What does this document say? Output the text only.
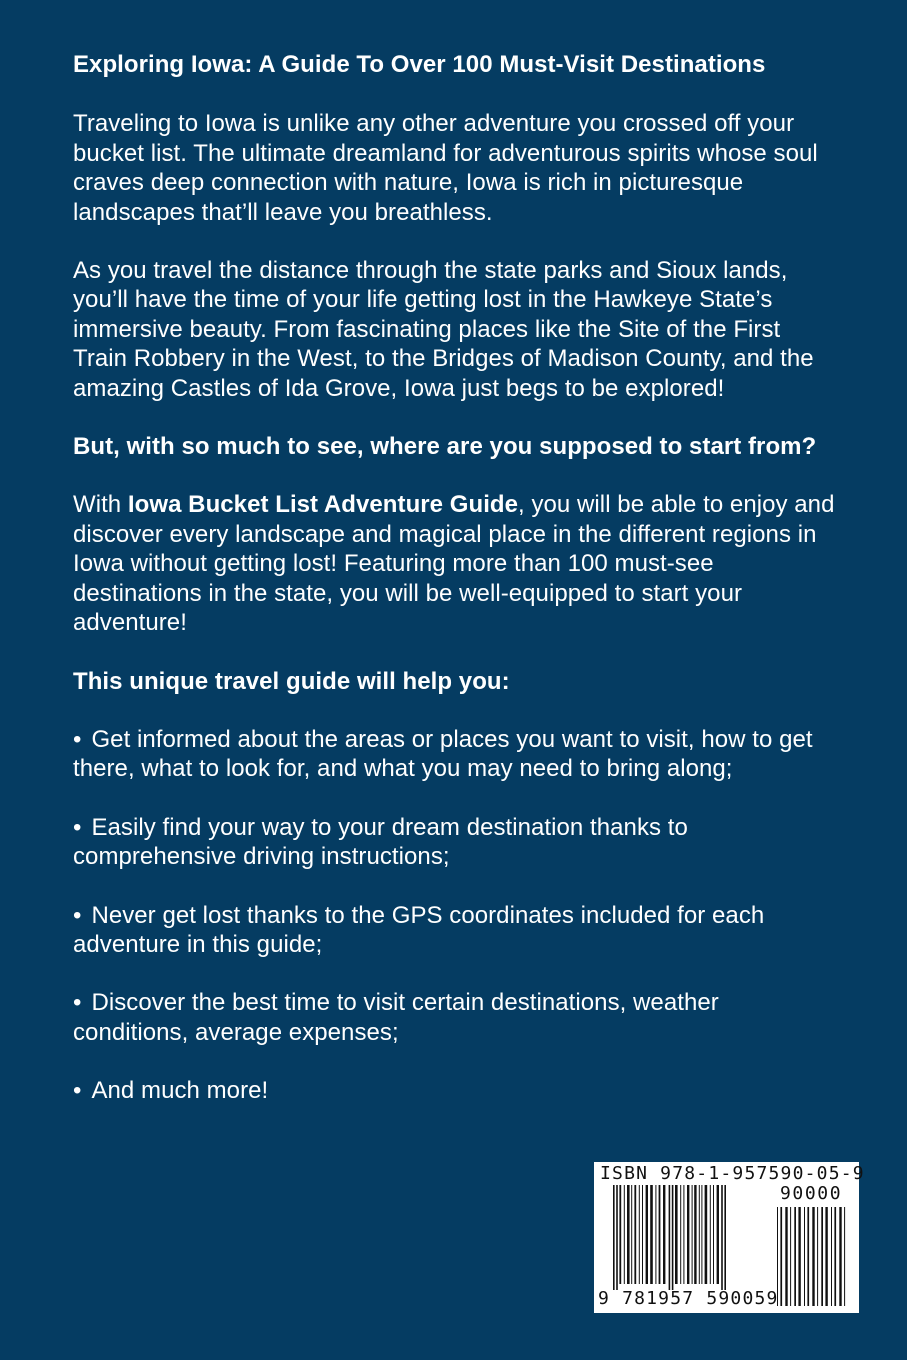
Exploring Iowa: A Guide To Over 100 Must-Visit Destinations

Traveling to Iowa is unlike any other adventure you crossed off your bucket list. The ultimate dreamland for adventurous spirits whose soul craves deep connection with nature, Iowa is rich in picturesque landscapes that’ll leave you breathless.

As you travel the distance through the state parks and Sioux lands, you’ll have the time of your life getting lost in the Hawkeye State’s immersive beauty. From fascinating places like the Site of the First Train Robbery in the West, to the Bridges of Madison County, and the amazing Castles of Ida Grove, Iowa just begs to be explored!

But, with so much to see, where are you supposed to start from?

With Iowa Bucket List Adventure Guide, you will be able to enjoy and discover every landscape and magical place in the different regions in Iowa without getting lost! Featuring more than 100 must-see destinations in the state, you will be well-equipped to start your adventure!

This unique travel guide will help you:

• Get informed about the areas or places you want to visit, how to get there, what to look for, and what you may need to bring along;

• Easily find your way to your dream destination thanks to comprehensive driving instructions;

• Never get lost thanks to the GPS coordinates included for each adventure in this guide;

• Discover the best time to visit certain destinations, weather conditions, average expenses;

• And much more!

ISBN 978-1-957590-05-9
90000
9 781957 590059
